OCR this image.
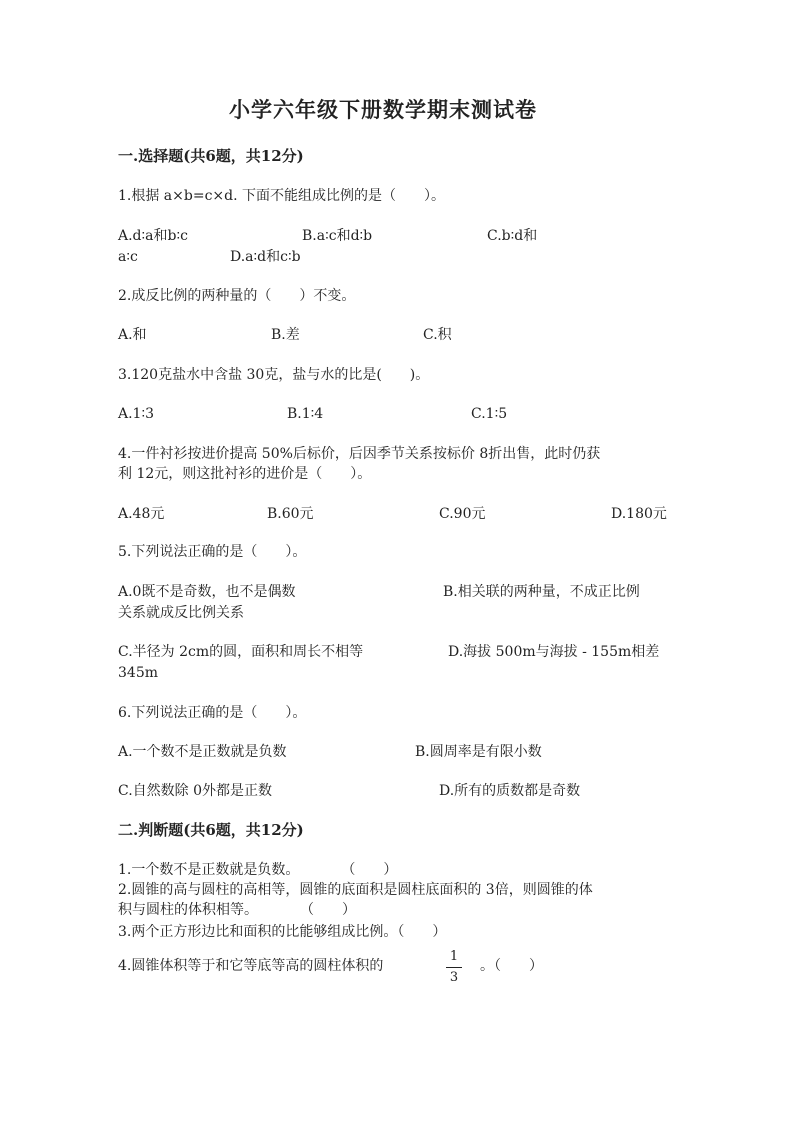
小学六年级下册数学期末测试卷
一.选择题(共6题，共12分)
1.根据 a×b=c×d. 下面不能组成比例的是（　　）。
A.d∶a和b∶c	B.a∶c和d∶b	C.b∶d和
a∶c	D.a∶d和c∶b
2.成反比例的两种量的（　　）不变。
A.和	B.差	C.积
3.120克盐水中含盐 30克，盐与水的比是(　　)。
A.1∶3	B.1∶4	C.1∶5
4.一件衬衫按进价提高 50%后标价，后因季节关系按标价 8折出售，此时仍获
利 12元，则这批衬衫的进价是（　　）。
A.48元	B.60元	C.90元	D.180元
5.下列说法正确的是（　　）。
A.0既不是奇数，也不是偶数	B.相关联的两种量，不成正比例
关系就成反比例关系
C.半径为 2cm的圆，面积和周长不相等	D.海拔 500m与海拔 - 155m相差
345m
6.下列说法正确的是（　　）。
A.一个数不是正数就是负数	B.圆周率是有限小数
C.自然数除 0外都是正数	D.所有的质数都是奇数
二.判断题(共6题，共12分)
1.一个数不是正数就是负数。　　　　（　　）
2.圆锥的高与圆柱的高相等，圆锥的底面积是圆柱底面积的 3倍，则圆锥的体
积与圆柱的体积相等。　　　　（　　）
3.两个正方形边比和面积的比能够组成比例。（　　）
4.圆锥体积等于和它等底等高的圆柱体积的
1
3
。（　　）
